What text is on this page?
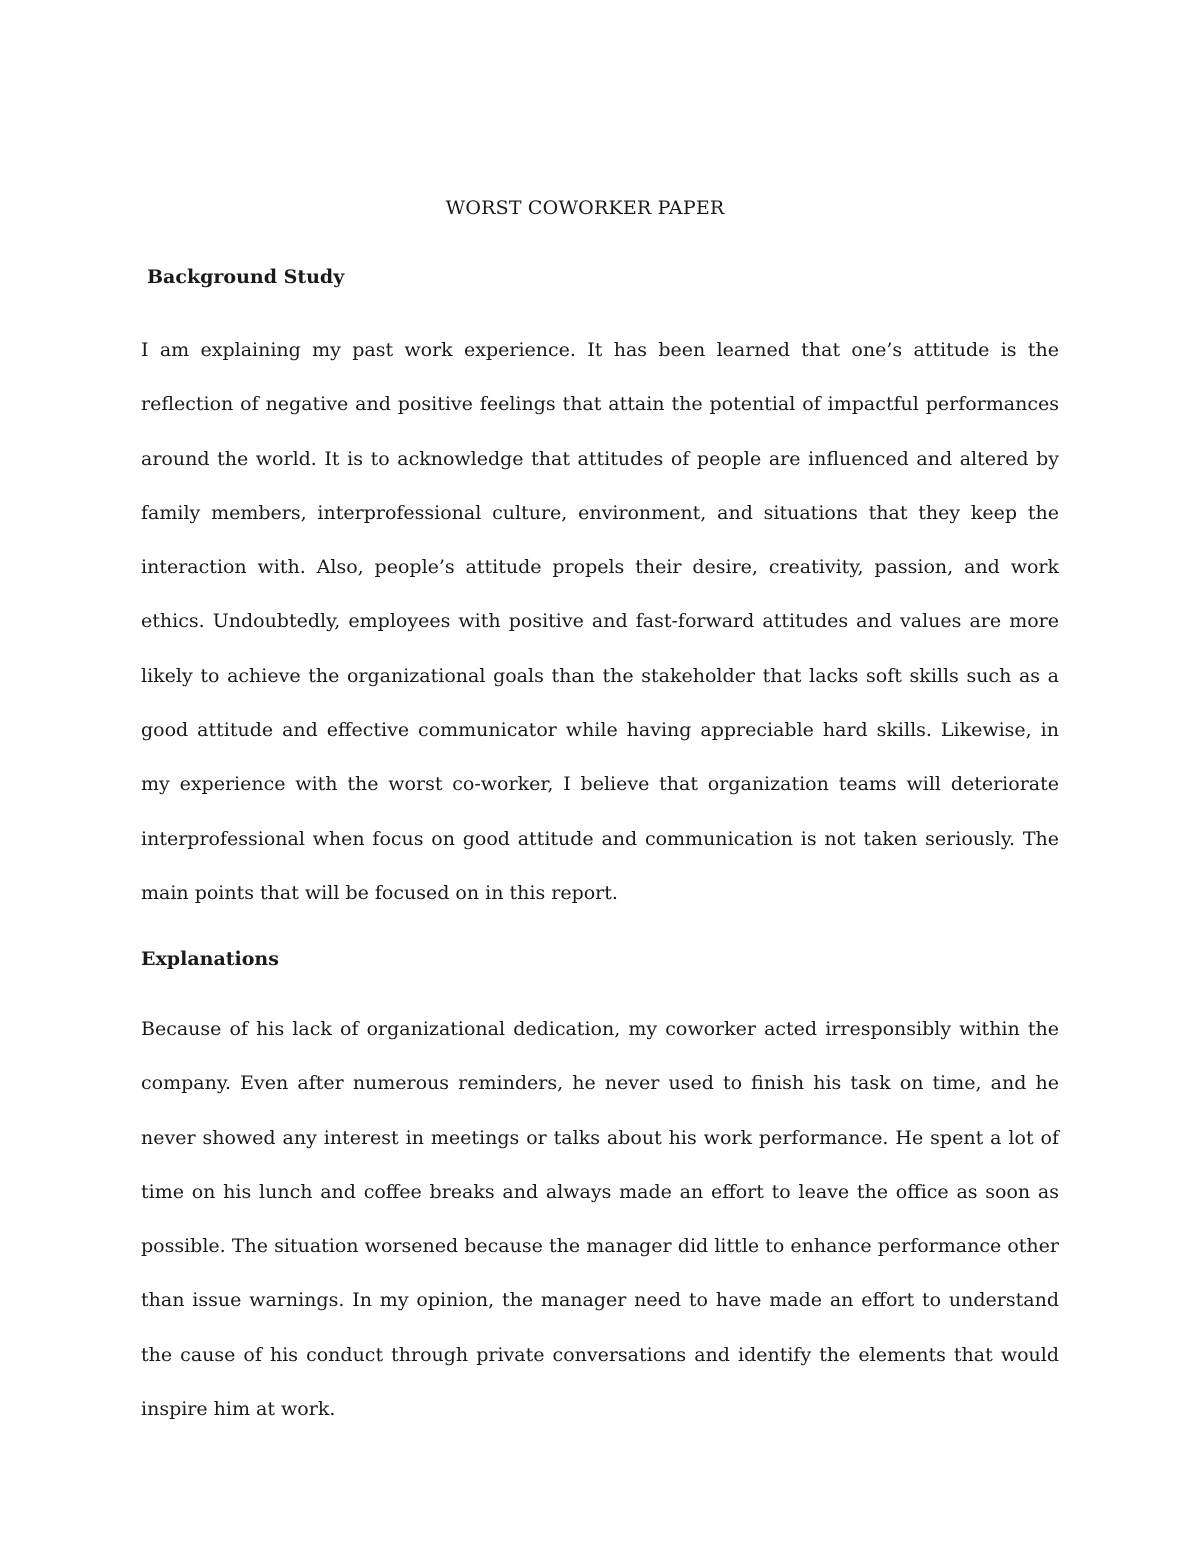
WORST COWORKER PAPER
Background Study

I am explaining my past work experience. It has been learned that one’s attitude is the reflection of negative and positive feelings that attain the potential of impactful performances around the world. It is to acknowledge that attitudes of people are influenced and altered by family members, interprofessional culture, environment, and situations that they keep the interaction with. Also, people’s attitude propels their desire, creativity, passion, and work ethics. Undoubtedly, employees with positive and fast-forward attitudes and values are more likely to achieve the organizational goals than the stakeholder that lacks soft skills such as a good attitude and effective communicator while having appreciable hard skills. Likewise, in my experience with the worst co-worker, I believe that organization teams will deteriorate interprofessional when focus on good attitude and communication is not taken seriously. The main points that will be focused on in this report.

Explanations

Because of his lack of organizational dedication, my coworker acted irresponsibly within the company. Even after numerous reminders, he never used to finish his task on time, and he never showed any interest in meetings or talks about his work performance. He spent a lot of time on his lunch and coffee breaks and always made an effort to leave the office as soon as possible. The situation worsened because the manager did little to enhance performance other than issue warnings. In my opinion, the manager need to have made an effort to understand the cause of his conduct through private conversations and identify the elements that would inspire him at work.
